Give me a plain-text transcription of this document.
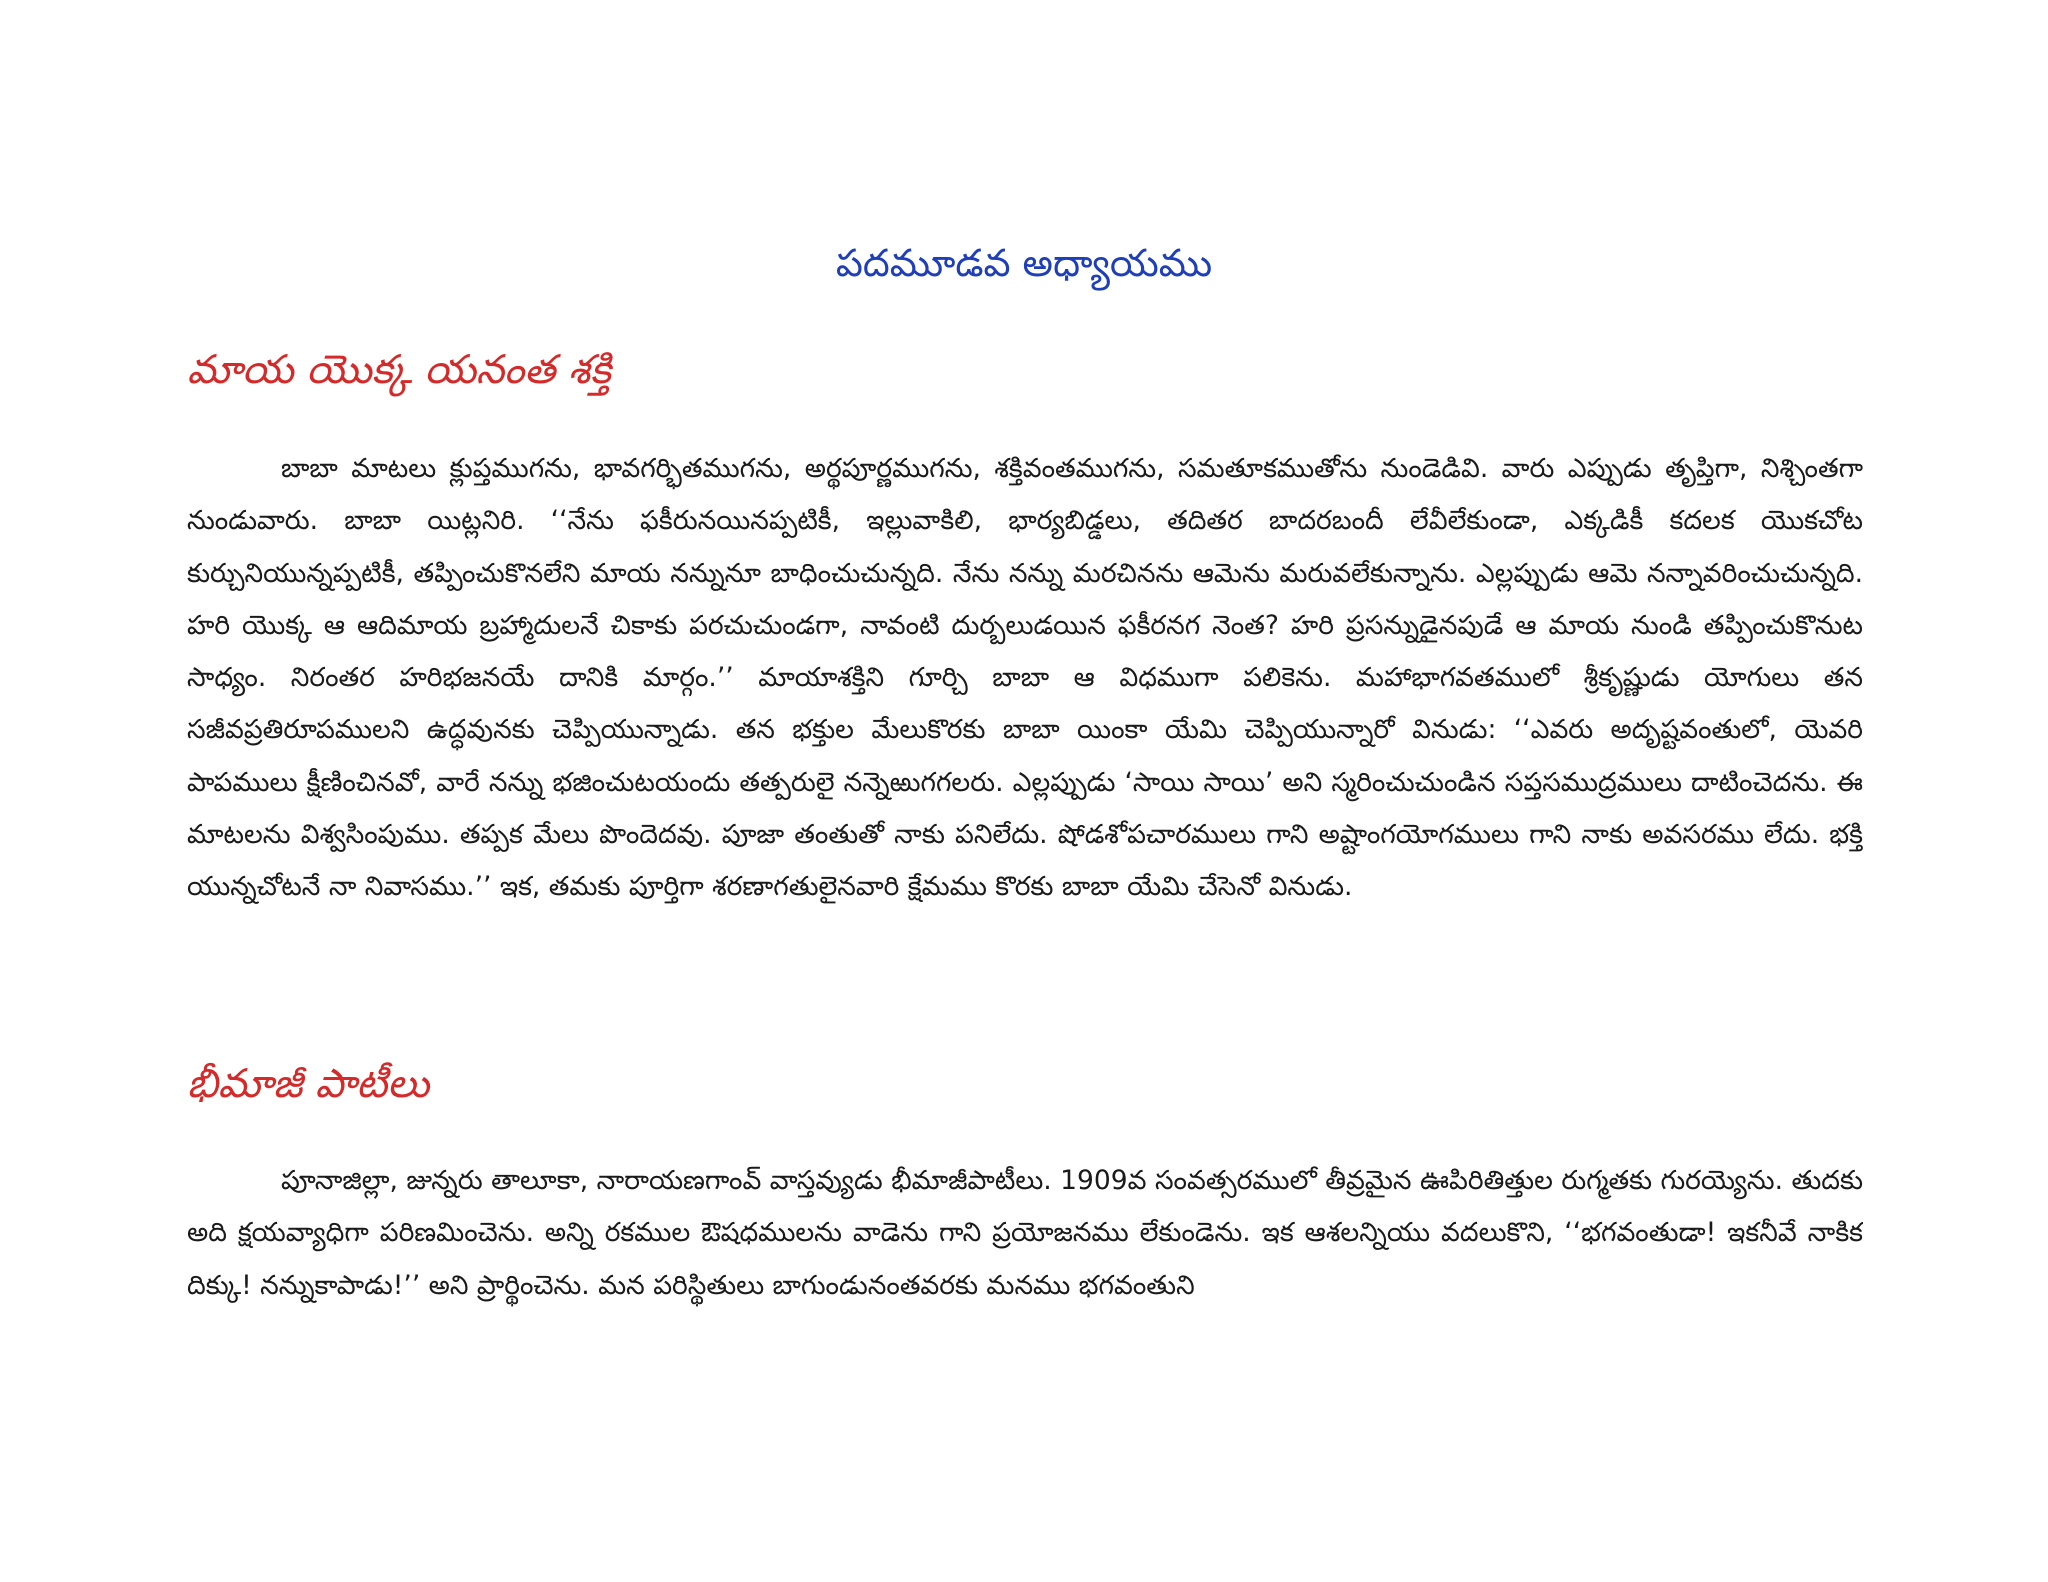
పదమూడవ అధ్యాయము
మాయ యొక్క యనంత శక్తి

బాబా మాటలు క్లుప్తముగను, భావగర్భితముగను, అర్థపూర్ణముగను, శక్తివంతముగను, సమతూకముతోను నుండెడివి. వారు ఎప్పుడు తృప్తిగా, నిశ్చింతగా నుండువారు. బాబా యిట్లనిరి. ‘‘నేను ఫకీరునయినప్పటికీ, ఇల్లువాకిలి, భార్యబిడ్డలు, తదితర బాదరబందీ లేవీలేకుండా, ఎక్కడికీ కదలక యొకచోట కుర్చునియున్నప్పటికీ, తప్పించుకొనలేని మాయ నన్నునూ బాధించుచున్నది. నేను నన్ను మరచినను ఆమెను మరువలేకున్నాను. ఎల్లప్పుడు ఆమె నన్నావరించుచున్నది. హరి యొక్క ఆ ఆదిమాయ బ్రహ్మాదులనే చికాకు పరచుచుండగా, నావంటి దుర్బలుడయిన ఫకీరనగ నెంత? హరి ప్రసన్నుడైనపుడే ఆ మాయ నుండి తప్పించుకొనుట సాధ్యం. నిరంతర హరిభజనయే దానికి మార్గం.’’ మాయాశక్తిని గూర్చి బాబా ఆ విధముగా పలికెను. మహాభాగవతములో శ్రీకృష్ణుడు యోగులు తన సజీవప్రతిరూపములని ఉద్ధవునకు చెప్పియున్నాడు. తన భక్తుల మేలుకొరకు బాబా యింకా యేమి చెప్పియున్నారో వినుడు: ‘‘ఎవరు అదృష్టవంతులో, యెవరి పాపములు క్షీణించినవో, వారే నన్ను భజించుటయందు తత్పరులై నన్నెఱుగగలరు. ఎల్లప్పుడు ‘సాయి సాయి’ అని స్మరించుచుండిన సప్తసముద్రములు దాటించెదను. ఈ మాటలను విశ్వసింపుము. తప్పక మేలు పొందెదవు. పూజా తంతుతో నాకు పనిలేదు. షోడశోపచారములు గాని అష్టాంగయోగములు గాని నాకు అవసరము లేదు. భక్తి యున్నచోటనే నా నివాసము.’’ ఇక, తమకు పూర్తిగా శరణాగతులైనవారి క్షేమము కొరకు బాబా యేమి చేసెనో వినుడు.

భీమాజీ పాటీలు

పూనాజిల్లా, జున్నరు తాలూకా, నారాయణగాంవ్ వాస్తవ్యుడు భీమాజీపాటీలు. 1909వ సంవత్సరములో తీవ్రమైన ఊపిరితిత్తుల రుగ్మతకు గురయ్యెను. తుదకు అది క్షయవ్యాధిగా పరిణమించెను. అన్ని రకముల ఔషధములను వాడెను గాని ప్రయోజనము లేకుండెను. ఇక ఆశలన్నియు వదలుకొని, ‘‘భగవంతుడా! ఇకనీవే నాకిక దిక్కు! నన్నుకాపాడు!’’ అని ప్రార్థించెను. మన పరిస్థితులు బాగుండునంతవరకు మనము భగవంతుని
